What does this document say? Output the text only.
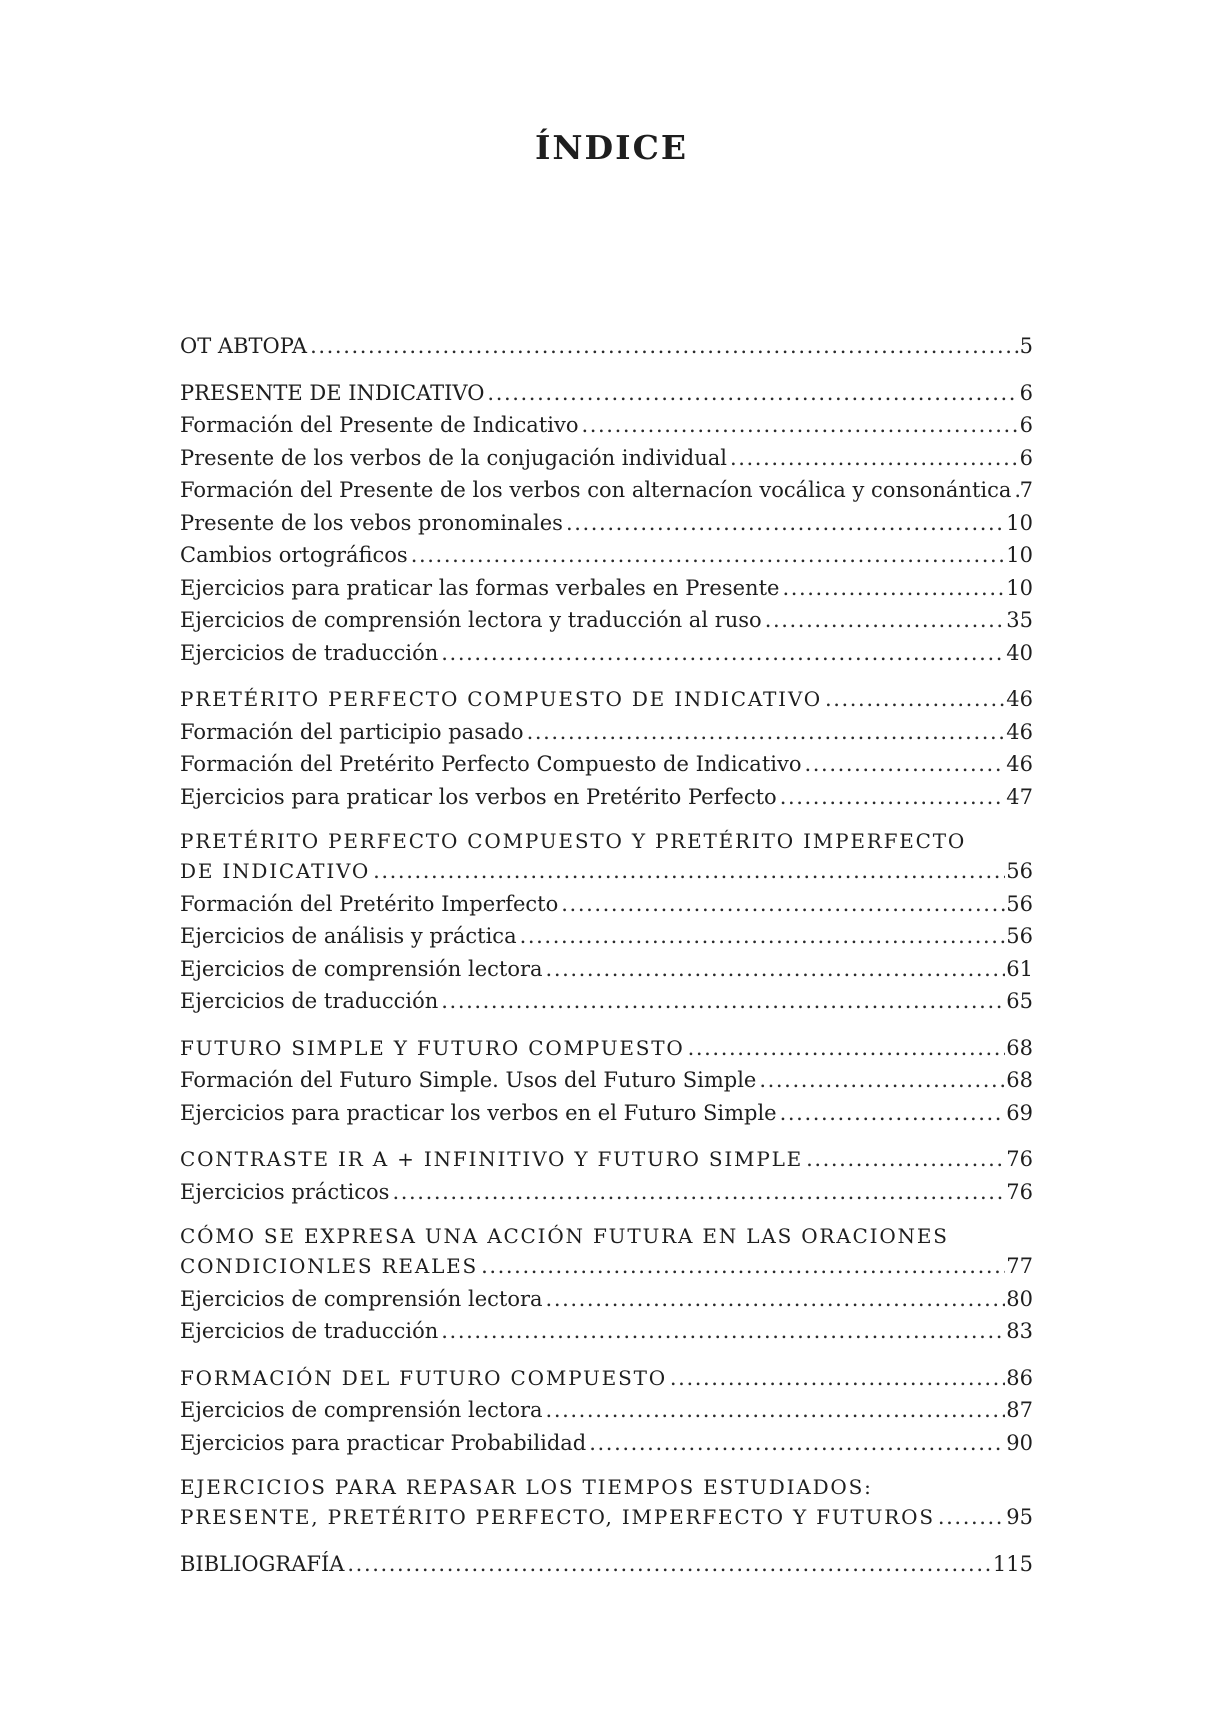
ÍNDICE
OT ABTOPA .....	5
PRESENTE DE INDICATIVO .....	6
Formación del Presente de Indicativo .....	6
Presente de los verbos de la conjugación individual .....	6
Formación del Presente de los verbos con alternacíon vocálica y consonántica ..... 7
Presente de los vebos pronominales .....	10
Cambios ortográficos .....	10
Ejercicios para praticar las formas verbales en Presente .....	10
Ejercicios de comprensión lectora y traducción al ruso .....	35
Ejercicios de traducción .....	40
PRETÉRITO PERFECTO COMPUESTO DE INDICATIVO .....	46
Formación del participio pasado .....	46
Formación del Pretérito Perfecto Compuesto de Indicativo .....	46
Ejercicios para praticar los verbos en Pretérito Perfecto .....	47
PRETÉRITO PERFECTO COMPUESTO Y PRETÉRITO IMPERFECTO
DE INDICATIVO .....	56
Formación del Pretérito Imperfecto .....	56
Ejercicios de análisis y práctica .....	56
Ejercicios de comprensión lectora .....	61
Ejercicios de traducción .....	65
FUTURO SIMPLE Y FUTURO COMPUESTO .....	68
Formación del Futuro Simple. Usos del Futuro Simple .....	68
Ejercicios para practicar los verbos en el Futuro Simple .....	69
CONTRASTE IR A + INFINITIVO Y FUTURO SIMPLE .....	76
Ejercicios prácticos .....	76
CÓMO SE EXPRESA UNA ACCIÓN FUTURA EN LAS ORACIONES
CONDICIONLES REALES .....	77
Ejercicios de comprensión lectora .....	80
Ejercicios de traducción .....	83
FORMACIÓN DEL FUTURO COMPUESTO .....	86
Ejercicios de comprensión lectora .....	87
Ejercicios para practicar Probabilidad .....	90
EJERCICIOS PARA REPASAR LOS TIEMPOS ESTUDIADOS:
PRESENTE, PRETÉRITO PERFECTO, IMPERFECTO Y FUTUROS .....	95
BIBLIOGRAFÍA .....	115
